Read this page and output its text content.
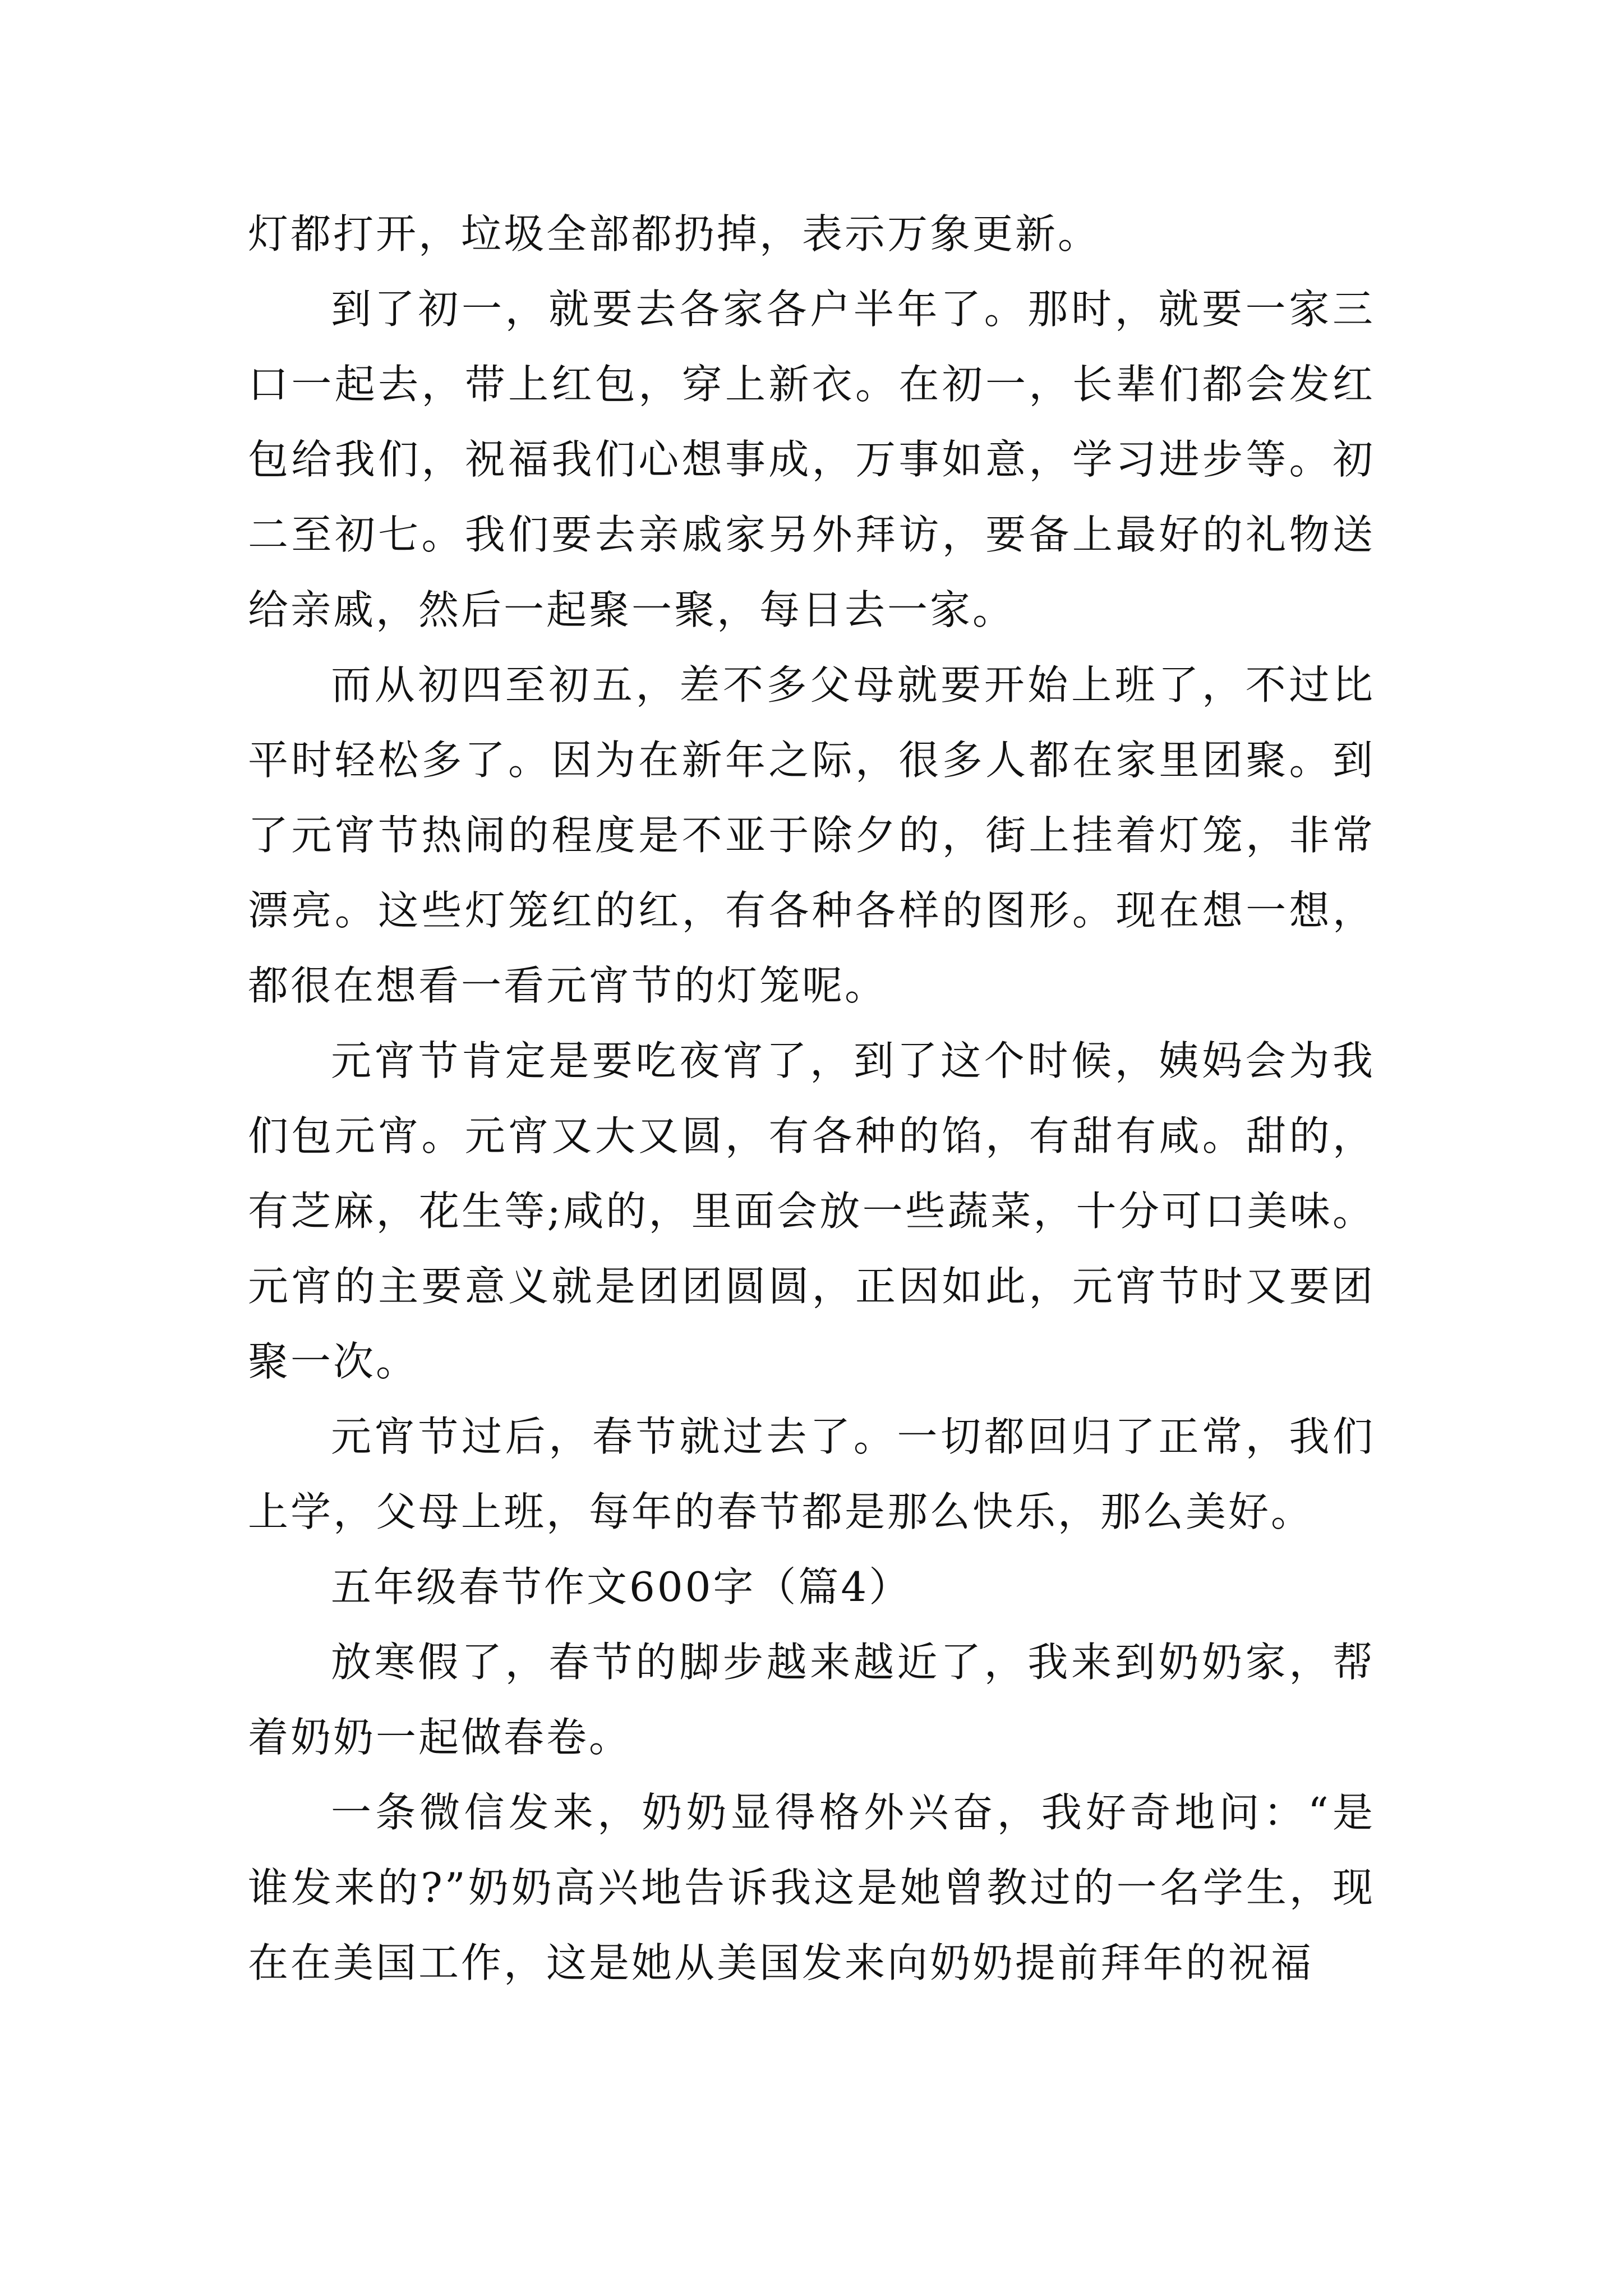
灯都打开，垃圾全部都扔掉，表示万象更新。

到了初一，就要去各家各户半年了。那时，就要一家三口一起去，带上红包，穿上新衣。在初一，长辈们都会发红包给我们，祝福我们心想事成，万事如意，学习进步等。初二至初七。我们要去亲戚家另外拜访，要备上最好的礼物送给亲戚，然后一起聚一聚，每日去一家。

而从初四至初五，差不多父母就要开始上班了，不过比平时轻松多了。因为在新年之际，很多人都在家里团聚。到了元宵节热闹的程度是不亚于除夕的，街上挂着灯笼，非常漂亮。这些灯笼红的红，有各种各样的图形。现在想一想，都很在想看一看元宵节的灯笼呢。

元宵节肯定是要吃夜宵了，到了这个时候，姨妈会为我们包元宵。元宵又大又圆，有各种的馅，有甜有咸。甜的，有芝麻，花生等;咸的，里面会放一些蔬菜，十分可口美味。元宵的主要意义就是团团圆圆，正因如此，元宵节时又要团聚一次。

元宵节过后，春节就过去了。一切都回归了正常，我们上学，父母上班，每年的春节都是那么快乐，那么美好。

五年级春节作文600字（篇4）

放寒假了，春节的脚步越来越近了，我来到奶奶家，帮着奶奶一起做春卷。

一条微信发来，奶奶显得格外兴奋，我好奇地问：“是谁发来的?”奶奶高兴地告诉我这是她曾教过的一名学生，现在在美国工作，这是她从美国发来向奶奶提前拜年的祝福
